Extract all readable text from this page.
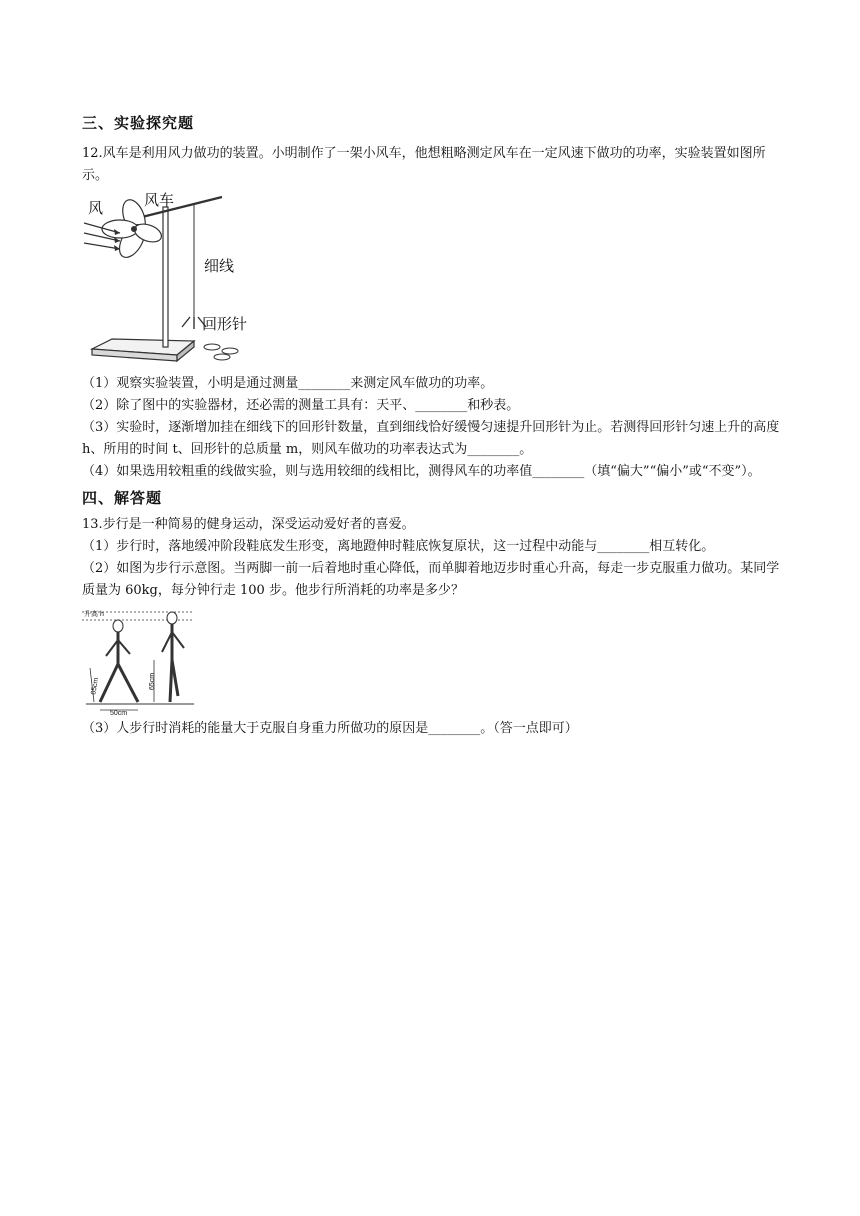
三、实验探究题

12.风车是利用风力做功的装置。小明制作了一架小风车，他想粗略测定风车在一定风速下做功的功率，实验装置如图所示。

风	风车
细线
回形针

（1）观察实验装置，小明是通过测量________来测定风车做功的功率。

（2）除了图中的实验器材，还必需的测量工具有：天平、________和秒表。

（3）实验时，逐渐增加挂在细线下的回形针数量，直到细线恰好缓慢匀速提升回形针为止。若测得回形针匀速上升的高度 h、所用的时间 t、回形针的总质量 m，则风车做功的功率表达式为________。

（4）如果选用较粗重的线做实验，则与选用较细的线相比，测得风车的功率值________（填“偏大”“偏小”或“不变”）。

四、解答题

13.步行是一种简易的健身运动，深受运动爱好者的喜爱。

（1）步行时，落地缓冲阶段鞋底发生形变，离地蹬伸时鞋底恢复原状，这一过程中动能与________相互转化。

（2）如图为步行示意图。当两脚一前一后着地时重心降低，而单脚着地迈步时重心升高，每走一步克服重力做功。某同学质量为 60kg，每分钟行走 100 步。他步行所消耗的功率是多少？

升高 h
65cm	65cm
50cm

（3）人步行时消耗的能量大于克服自身重力所做功的原因是________。（答一点即可）
